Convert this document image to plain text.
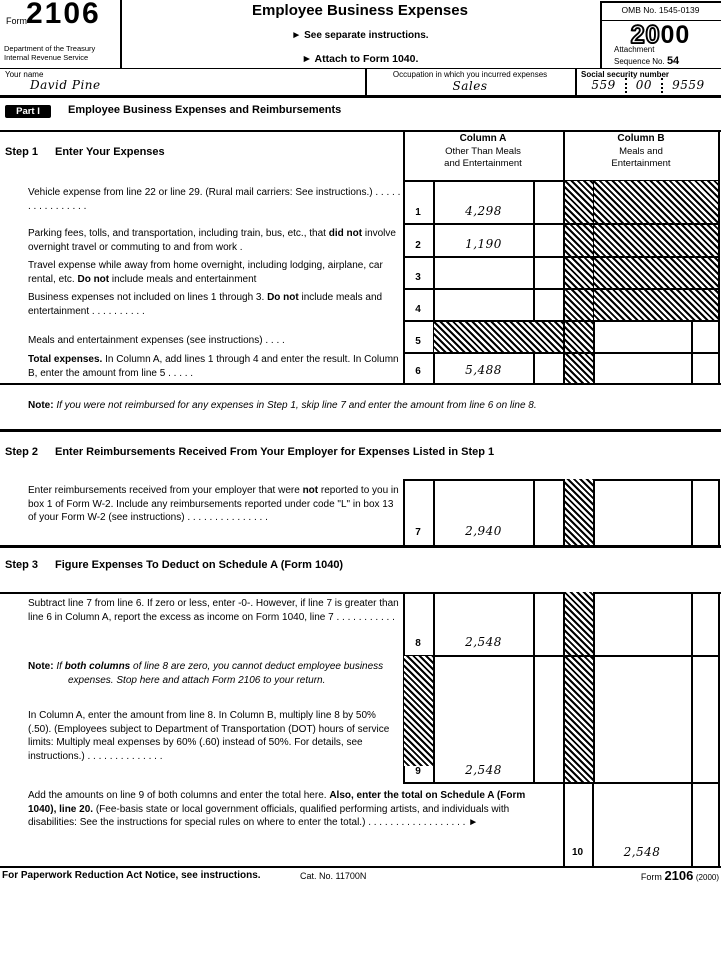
Form 2106
Department of the Treasury
Internal Revenue Service
Employee Business Expenses
► See separate instructions.
► Attach to Form 1040.
OMB No. 1545-0139
2000
Attachment
Sequence No. 54
Your name
David Pine
Occupation in which you incurred expenses
Sales
Social security number
559 00 9559
Part I	Employee Business Expenses and Reimbursements
Step 1 Enter Your Expenses
Column A
Other Than Meals
and Entertainment
Column B
Meals and
Entertainment
Vehicle expense from line 22 or line 29. (Rural mail carriers: See instructions.) . . . . . . . . . . . . . . . .
1	4,298
Parking fees, tolls, and transportation, including train, bus, etc., that did not involve overnight travel or commuting to and from work .	2	1,190
Travel expense while away from home overnight, including lodging, airplane, car rental, etc. Do not include meals and entertainment	3
Business expenses not included on lines 1 through 3. Do not include meals and entertainment . . . . . . . . . .	4
Meals and entertainment expenses (see instructions) . . . .	5
Total expenses. In Column A, add lines 1 through 4 and enter the result. In Column B, enter the amount from line 5 . . . . .	6	5,488
Note: If you were not reimbursed for any expenses in Step 1, skip line 7 and enter the amount from line 6 on line 8.
Step 2 Enter Reimbursements Received From Your Employer for Expenses Listed in Step 1
Enter reimbursements received from your employer that were not reported to you in box 1 of Form W-2. Include any reimbursements reported under code "L" in box 13 of your Form W-2 (see instructions) . . . . . . . . . . . . . . .
7	2,940
Step 3 Figure Expenses To Deduct on Schedule A (Form 1040)
Subtract line 7 from line 6. If zero or less, enter -0-. However, if line 7 is greater than line 6 in Column A, report the excess as income on Form 1040, line 7 . . . . . . . . . . .
8	2,548
Note: If both columns of line 8 are zero, you cannot deduct employee business expenses. Stop here and attach Form 2106 to your return.
In Column A, enter the amount from line 8. In Column B, multiply line 8 by 50% (.50). (Employees subject to Department of Transportation (DOT) hours of service limits: Multiply meal expenses by 60% (.60) instead of 50%. For details, see instructions.) . . . . . . . . . . . . . .
9	2,548
Add the amounts on line 9 of both columns and enter the total here. Also, enter the total on Schedule A (Form 1040), line 20. (Fee-basis state or local government officials, qualified performing artists, and individuals with disabilities: See the instructions for special rules on where to enter the total.) . . . . . . . . . . . . . . . . . . ►
10	2,548
For Paperwork Reduction Act Notice, see instructions.	Cat. No. 11700N	Form 2106 (2000)
